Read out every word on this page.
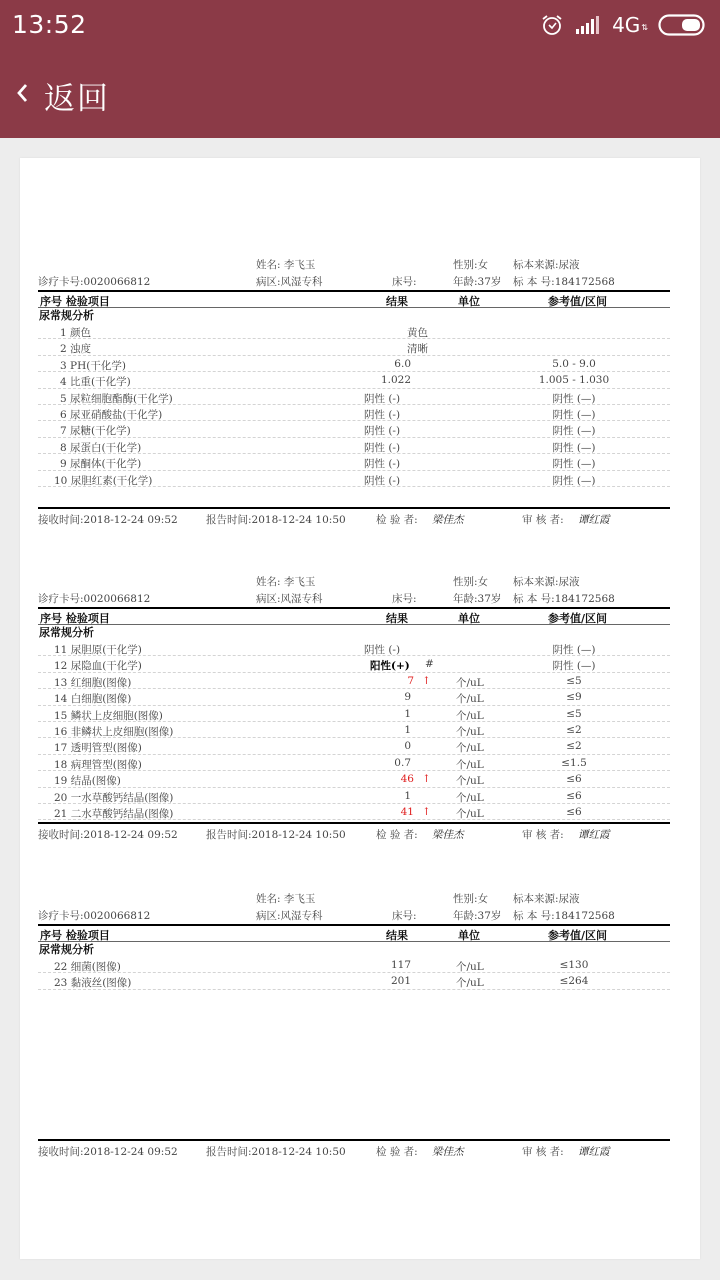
13:52	4G ⇅
返回
姓名: 李飞玉	性别:女 标本来源:尿液
诊疗卡号:0020066812	病区:风湿专科	床号:	年龄:37岁 标 本 号:184172568
序号 检验项目	结果	单位	参考值/区间
尿常规分析
1 颜色	黄色
2 浊度	清晰
3 PH(干化学)	6.0	5.0 - 9.0
4 比重(干化学)	1.022	1.005 - 1.030
5 尿粒细胞酯酶(干化学)	阴性 (-)	阴性 (—)
6 尿亚硝酸盐(干化学)	阴性 (-)	阴性 (—)
7 尿糖(干化学)	阴性 (-)	阴性 (—)
8 尿蛋白(干化学)	阴性 (-)	阴性 (—)
9 尿酮体(干化学)	阴性 (-)	阴性 (—)
10 尿胆红素(干化学)	阴性 (-)	阴性 (—)
接收时间:2018-12-24 09:52	报告时间:2018-12-24 10:50	检 验 者: 梁佳杰	审 核 者: 谭红霞
姓名: 李飞玉	性别:女 标本来源:尿液
诊疗卡号:0020066812	病区:风湿专科	床号:	年龄:37岁 标 本 号:184172568
序号 检验项目	结果	单位	参考值/区间
尿常规分析
11 尿胆原(干化学)	阴性 (-)	阴性 (—)
12 尿隐血(干化学)	阳性(+)	#	阴性 (—)
13 红细胞(图像)	7 ↑ 个/uL	≤5
14 白细胞(图像)	9	个/uL	≤9
15 鳞状上皮细胞(图像)	1	个/uL	≤5
16 非鳞状上皮细胞(图像)	1	个/uL	≤2
17 透明管型(图像)	0	个/uL	≤2
18 病理管型(图像)	0.7	个/uL	≤1.5
19 结晶(图像)	46 ↑ 个/uL	≤6
20 一水草酸钙结晶(图像)	1	个/uL	≤6
21 二水草酸钙结晶(图像)	41 ↑ 个/uL	≤6
接收时间:2018-12-24 09:52	报告时间:2018-12-24 10:50	检 验 者: 梁佳杰	审 核 者: 谭红霞
姓名: 李飞玉	性别:女 标本来源:尿液
诊疗卡号:0020066812	病区:风湿专科	床号:	年龄:37岁 标 本 号:184172568
序号 检验项目	结果	单位	参考值/区间
尿常规分析
22 细菌(图像)	117	个/uL	≤130
23 黏液丝(图像)	201	个/uL	≤264
接收时间:2018-12-24 09:52	报告时间:2018-12-24 10:50	检 验 者: 梁佳杰	审 核 者: 谭红霞
